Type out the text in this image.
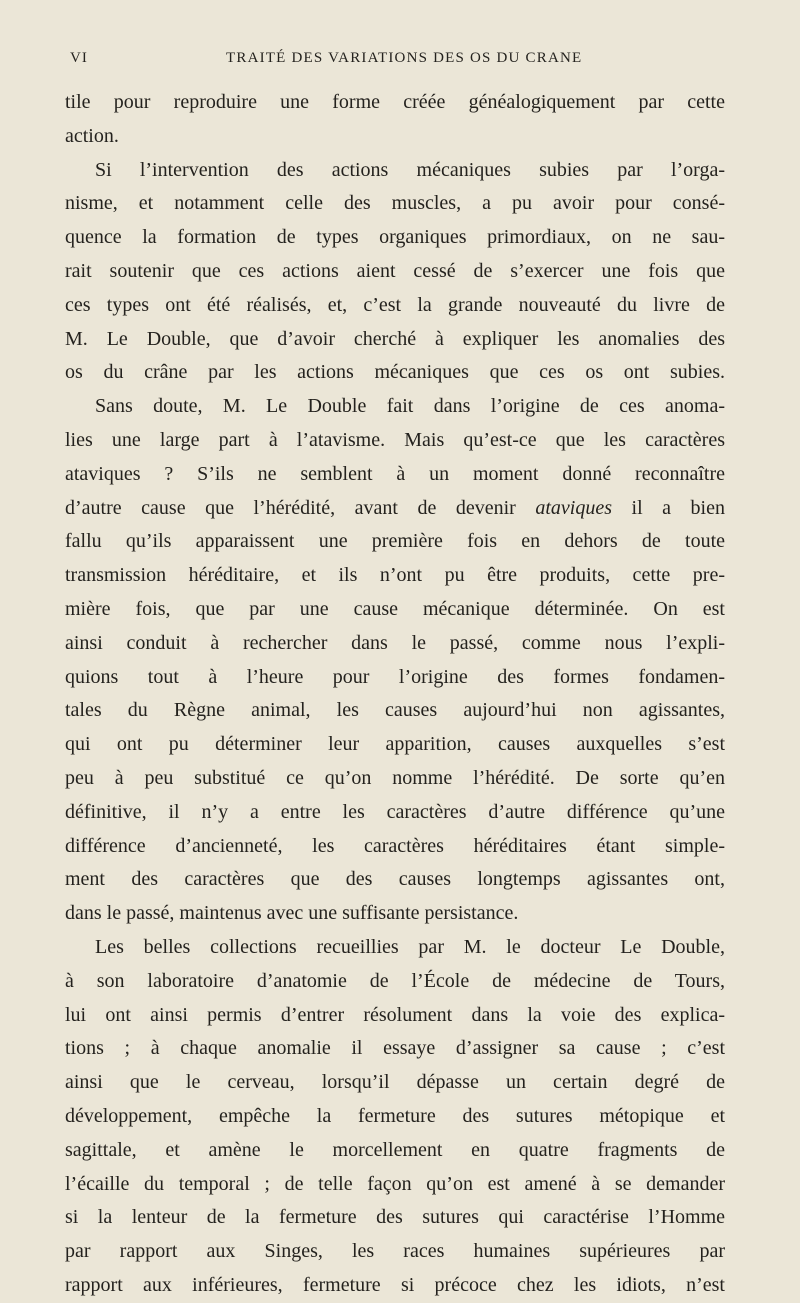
VI	TRAITÉ DES VARIATIONS DES OS DU CRANE
tile pour reproduire une forme créée généalogiquement par cette
action.
Si l’intervention des actions mécaniques subies par l’orga-
nisme, et notamment celle des muscles, a pu avoir pour consé-
quence la formation de types organiques primordiaux, on ne sau-
rait soutenir que ces actions aient cessé de s’exercer une fois que
ces types ont été réalisés, et, c’est la grande nouveauté du livre de
M. Le Double, que d’avoir cherché à expliquer les anomalies des
os du crâne par les actions mécaniques que ces os ont subies.
Sans doute, M. Le Double fait dans l’origine de ces anoma-
lies une large part à l’atavisme. Mais qu’est-ce que les caractères
ataviques ? S’ils ne semblent à un moment donné reconnaître
d’autre cause que l’hérédité, avant de devenir ataviques il a bien
fallu qu’ils apparaissent une première fois en dehors de toute
transmission héréditaire, et ils n’ont pu être produits, cette pre-
mière fois, que par une cause mécanique déterminée. On est
ainsi conduit à rechercher dans le passé, comme nous l’expli-
quions tout à l’heure pour l’origine des formes fondamen-
tales du Règne animal, les causes aujourd’hui non agissantes,
qui ont pu déterminer leur apparition, causes auxquelles s’est
peu à peu substitué ce qu’on nomme l’hérédité. De sorte qu’en
définitive, il n’y a entre les caractères d’autre différence qu’une
différence d’ancienneté, les caractères héréditaires étant simple-
ment des caractères que des causes longtemps agissantes ont,
dans le passé, maintenus avec une suffisante persistance.
Les belles collections recueillies par M. le docteur Le Double,
à son laboratoire d’anatomie de l’École de médecine de Tours,
lui ont ainsi permis d’entrer résolument dans la voie des explica-
tions ; à chaque anomalie il essaye d’assigner sa cause ; c’est
ainsi que le cerveau, lorsqu’il dépasse un certain degré de
développement, empêche la fermeture des sutures métopique et
sagittale, et amène le morcellement en quatre fragments de
l’écaille du temporal ; de telle façon qu’on est amené à se demander
si la lenteur de la fermeture des sutures qui caractérise l’Homme
par rapport aux Singes, les races humaines supérieures par
rapport aux inférieures, fermeture si précoce chez les idiots, n’est
